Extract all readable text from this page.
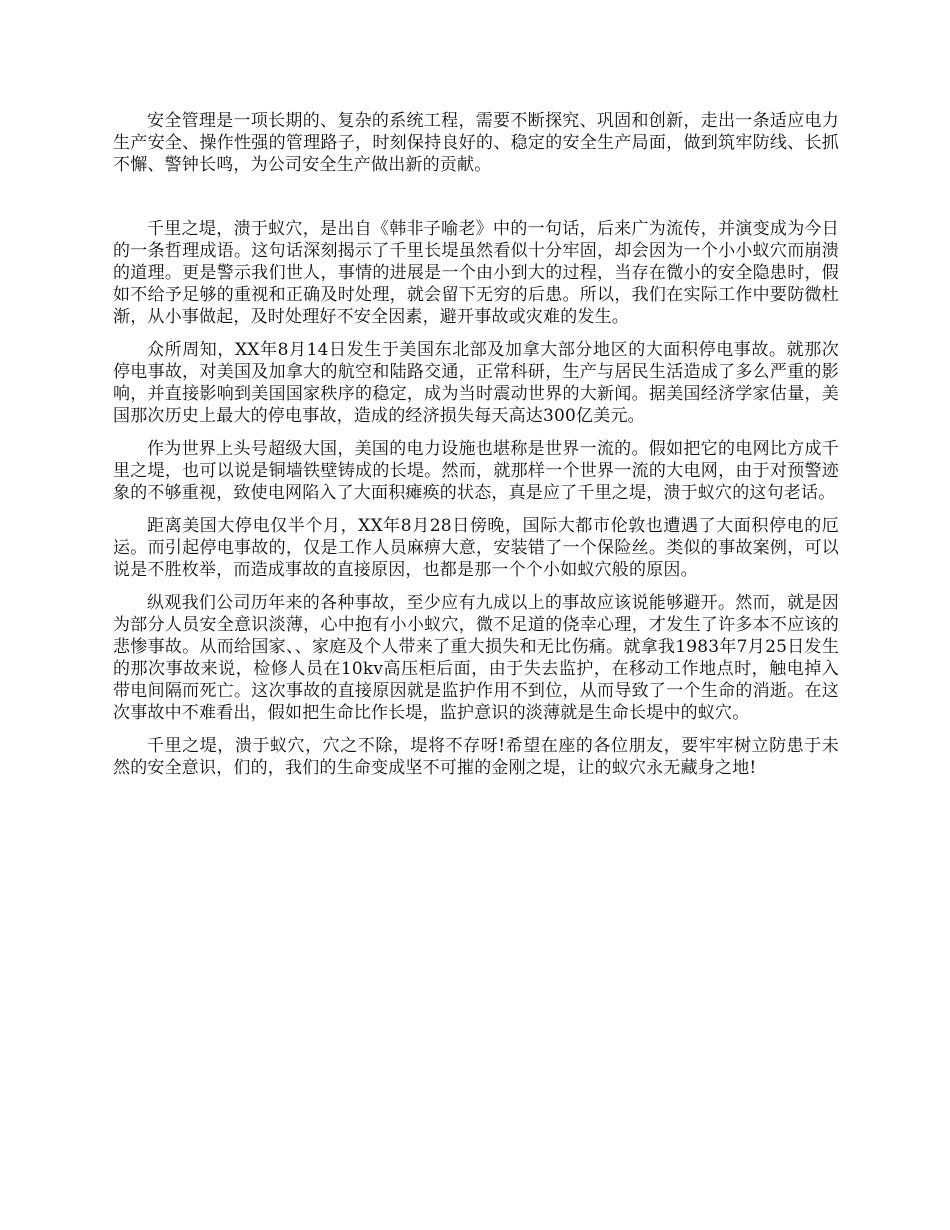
安全管理是一项长期的、复杂的系统工程，需要不断探究、巩固和创新，走出一条适应电力生产安全、操作性强的管理路子，时刻保持良好的、稳定的安全生产局面，做到筑牢防线、长抓不懈、警钟长鸣，为公司安全生产做出新的贡献。

千里之堤，溃于蚁穴，是出自《韩非子喻老》中的一句话，后来广为流传，并演变成为今日的一条哲理成语。这句话深刻揭示了千里长堤虽然看似十分牢固，却会因为一个小小蚁穴而崩溃的道理。更是警示我们世人，事情的进展是一个由小到大的过程，当存在微小的安全隐患时，假如不给予足够的重视和正确及时处理，就会留下无穷的后患。所以，我们在实际工作中要防微杜渐，从小事做起，及时处理好不安全因素，避开事故或灾难的发生。

众所周知，XX年8月14日发生于美国东北部及加拿大部分地区的大面积停电事故。就那次停电事故，对美国及加拿大的航空和陆路交通，正常科研，生产与居民生活造成了多么严重的影响，并直接影响到美国国家秩序的稳定，成为当时震动世界的大新闻。据美国经济学家估量，美国那次历史上最大的停电事故，造成的经济损失每天高达300亿美元。

作为世界上头号超级大国，美国的电力设施也堪称是世界一流的。假如把它的电网比方成千里之堤，也可以说是铜墙铁壁铸成的长堤。然而，就那样一个世界一流的大电网，由于对预警迹象的不够重视，致使电网陷入了大面积瘫痪的状态，真是应了千里之堤，溃于蚁穴的这句老话。

距离美国大停电仅半个月，XX年8月28日傍晚，国际大都市伦敦也遭遇了大面积停电的厄运。而引起停电事故的，仅是工作人员麻痹大意，安装错了一个保险丝。类似的事故案例，可以说是不胜枚举，而造成事故的直接原因，也都是那一个个小如蚁穴般的原因。

纵观我们公司历年来的各种事故，至少应有九成以上的事故应该说能够避开。然而，就是因为部分人员安全意识淡薄，心中抱有小小蚁穴，微不足道的侥幸心理，才发生了许多本不应该的悲惨事故。从而给国家、、家庭及个人带来了重大损失和无比伤痛。就拿我1983年7月25日发生的那次事故来说，检修人员在10kv高压柜后面，由于失去监护，在移动工作地点时，触电掉入带电间隔而死亡。这次事故的直接原因就是监护作用不到位，从而导致了一个生命的消逝。在这次事故中不难看出，假如把生命比作长堤，监护意识的淡薄就是生命长堤中的蚁穴。

千里之堤，溃于蚁穴，穴之不除，堤将不存呀!希望在座的各位朋友，要牢牢树立防患于未然的安全意识，们的，我们的生命变成坚不可摧的金刚之堤，让的蚁穴永无藏身之地!
